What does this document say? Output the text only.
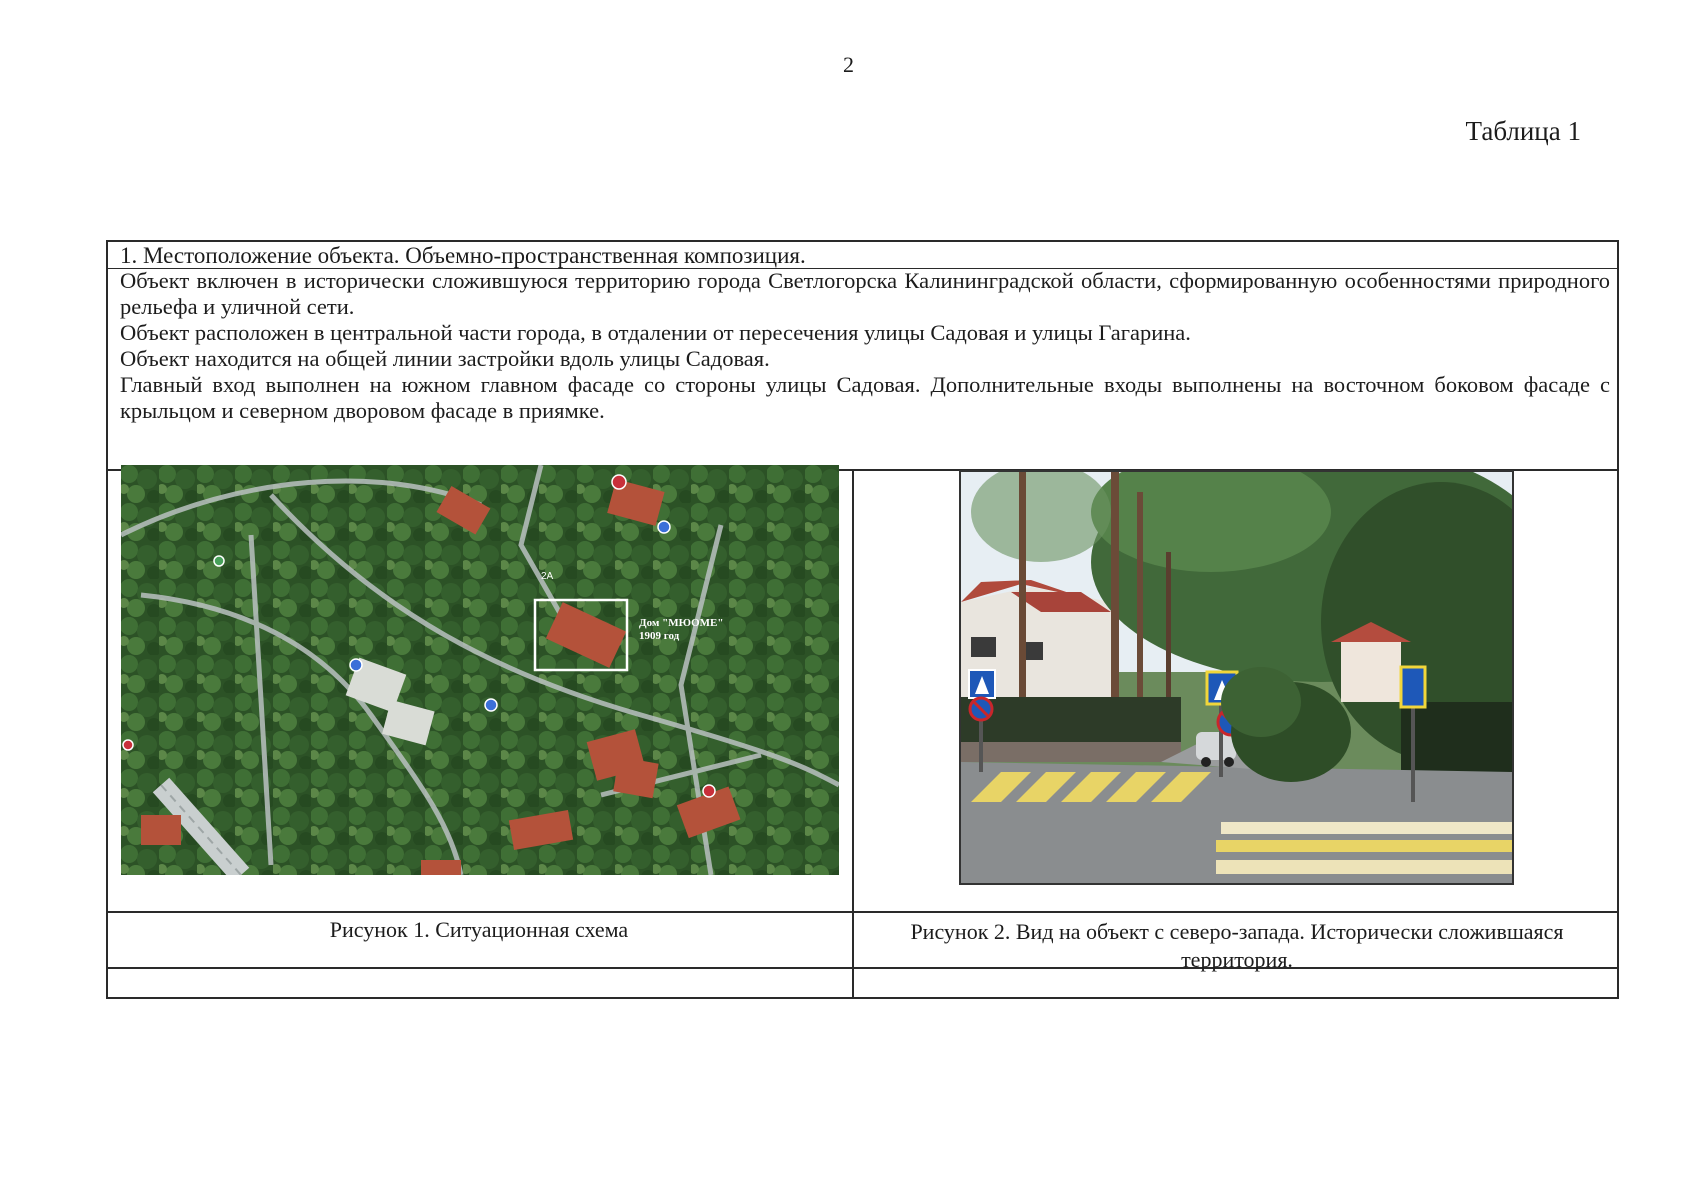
2
Таблица 1
1. Местоположение объекта. Объемно-пространственная композиция.

Объект включен в исторически сложившуюся территорию города Светлогорска Калининградской области, сформированную особенностями природного рельефа и уличной сети.

Объект расположен в центральной части города, в отдалении от пересечения улицы Садовая и улицы Гагарина.

Объект находится на общей линии застройки вдоль улицы Садовая.

Главный вход выполнен на южном главном фасаде со стороны улицы Садовая. Дополнительные входы выполнены на восточном боковом фасаде с крыльцом и северном дворовом фасаде в приямке.

Дом "МЮОМЕ"
1909 год
2А
Рисунок 1. Ситуационная схема	Рисунок 2. Вид на объект с северо-запада. Исторически сложившаяся территория.
